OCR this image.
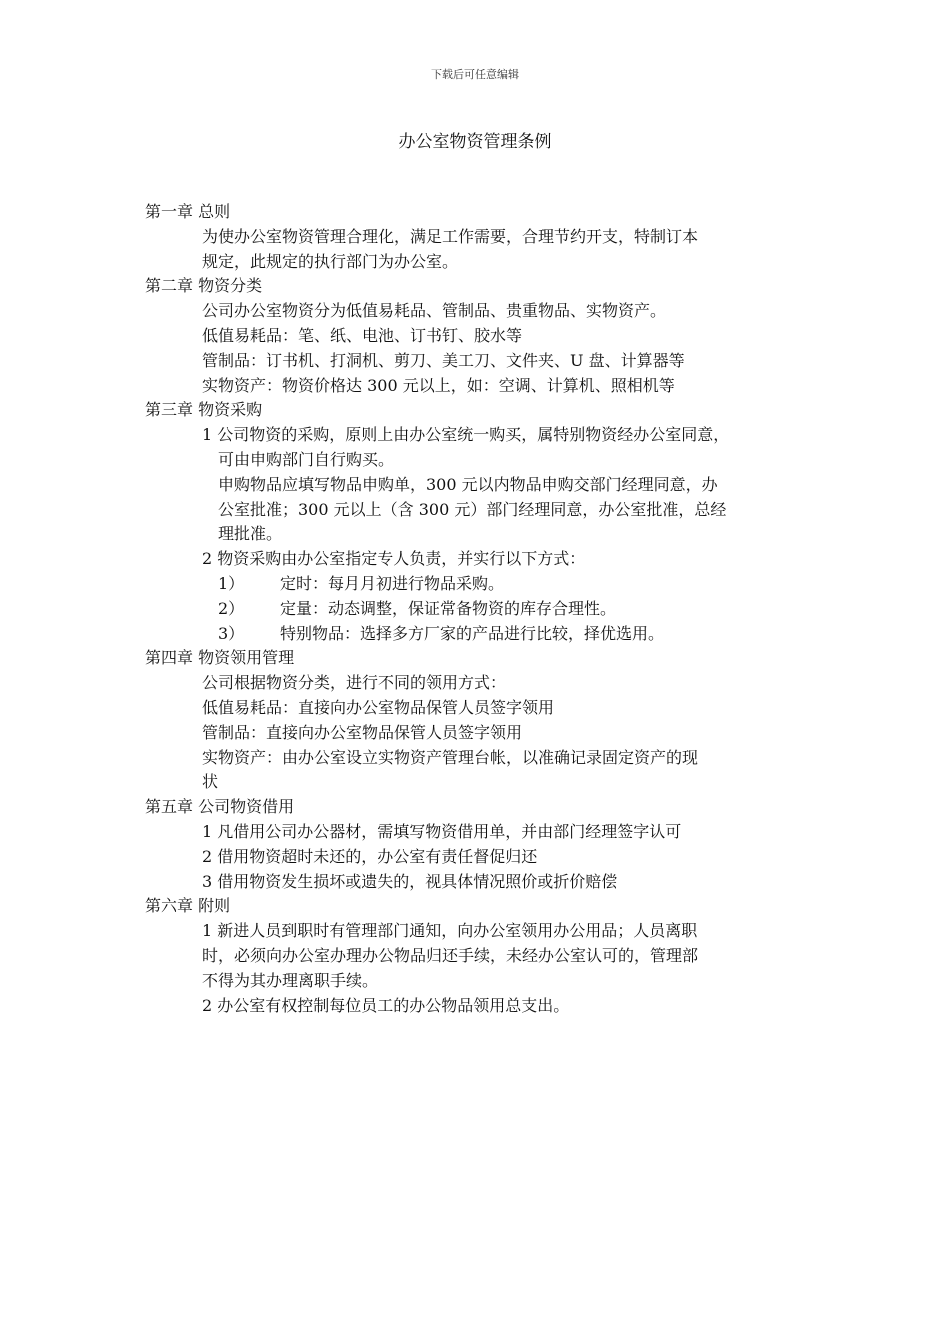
下载后可任意编辑
办公室物资管理条例
第一章 总则
为使办公室物资管理合理化，满足工作需要，合理节约开支，特制订本
规定，此规定的执行部门为办公室。
第二章 物资分类
公司办公室物资分为低值易耗品、管制品、贵重物品、实物资产。
低值易耗品：笔、纸、电池、订书钉、胶水等
管制品：订书机、打洞机、剪刀、美工刀、文件夹、U 盘、计算器等
实物资产：物资价格达 300 元以上，如：空调、计算机、照相机等
第三章 物资采购
1 公司物资的采购，原则上由办公室统一购买，属特别物资经办公室同意，
可由申购部门自行购买。
申购物品应填写物品申购单，300 元以内物品申购交部门经理同意，办
公室批准；300 元以上（含 300 元）部门经理同意，办公室批准，总经
理批准。
2 物资采购由办公室指定专人负责，并实行以下方式：
1） 定时：每月月初进行物品采购。
2） 定量：动态调整，保证常备物资的库存合理性。
3） 特别物品：选择多方厂家的产品进行比较，择优选用。
第四章 物资领用管理
公司根据物资分类，进行不同的领用方式：
低值易耗品：直接向办公室物品保管人员签字领用
管制品：直接向办公室物品保管人员签字领用
实物资产：由办公室设立实物资产管理台帐，以准确记录固定资产的现
状
第五章 公司物资借用
1 凡借用公司办公器材，需填写物资借用单，并由部门经理签字认可
2 借用物资超时未还的，办公室有责任督促归还
3 借用物资发生损坏或遗失的，视具体情况照价或折价赔偿
第六章 附则
1 新进人员到职时有管理部门通知，向办公室领用办公用品；人员离职
时，必须向办公室办理办公物品归还手续，未经办公室认可的，管理部
不得为其办理离职手续。
2 办公室有权控制每位员工的办公物品领用总支出。
